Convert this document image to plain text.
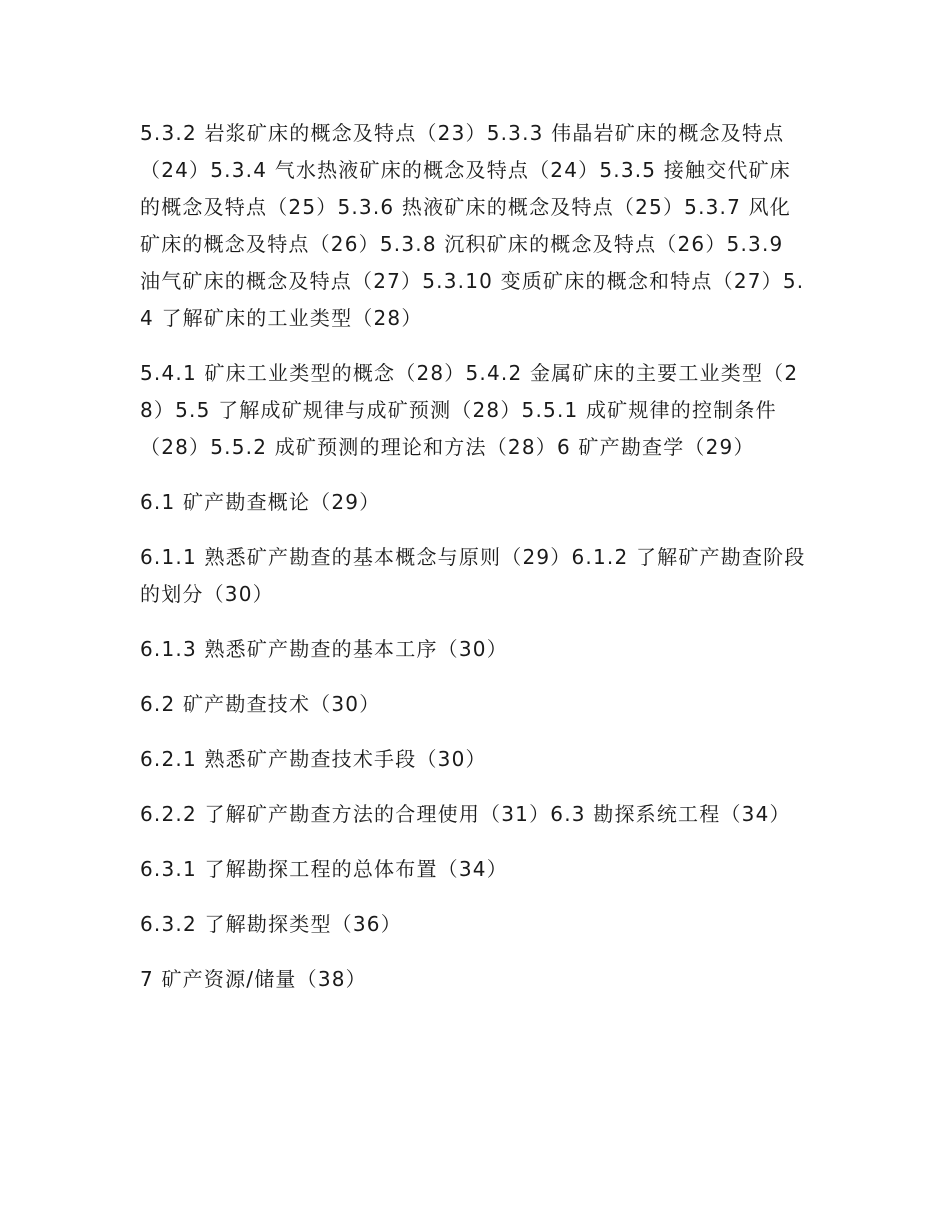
5.3.2 岩浆矿床的概念及特点（23）5.3.3 伟晶岩矿床的概念及特点（24）5.3.4 气水热液矿床的概念及特点（24）5.3.5 接触交代矿床的概念及特点（25）5.3.6 热液矿床的概念及特点（25）5.3.7 风化矿床的概念及特点（26）5.3.8 沉积矿床的概念及特点（26）5.3.9 油气矿床的概念及特点（27）5.3.10 变质矿床的概念和特点（27）5.4 了解矿床的工业类型（28）

5.4.1 矿床工业类型的概念（28）5.4.2 金属矿床的主要工业类型（28）5.5 了解成矿规律与成矿预测（28）5.5.1 成矿规律的控制条件（28）5.5.2 成矿预测的理论和方法（28）6 矿产勘查学（29）

6.1 矿产勘查概论（29）

6.1.1 熟悉矿产勘查的基本概念与原则（29）6.1.2 了解矿产勘查阶段的划分（30）

6.1.3 熟悉矿产勘查的基本工序（30）

6.2 矿产勘查技术（30）

6.2.1 熟悉矿产勘查技术手段（30）

6.2.2 了解矿产勘查方法的合理使用（31）6.3 勘探系统工程（34）

6.3.1 了解勘探工程的总体布置（34）

6.3.2 了解勘探类型（36）

7 矿产资源/储量（38）
